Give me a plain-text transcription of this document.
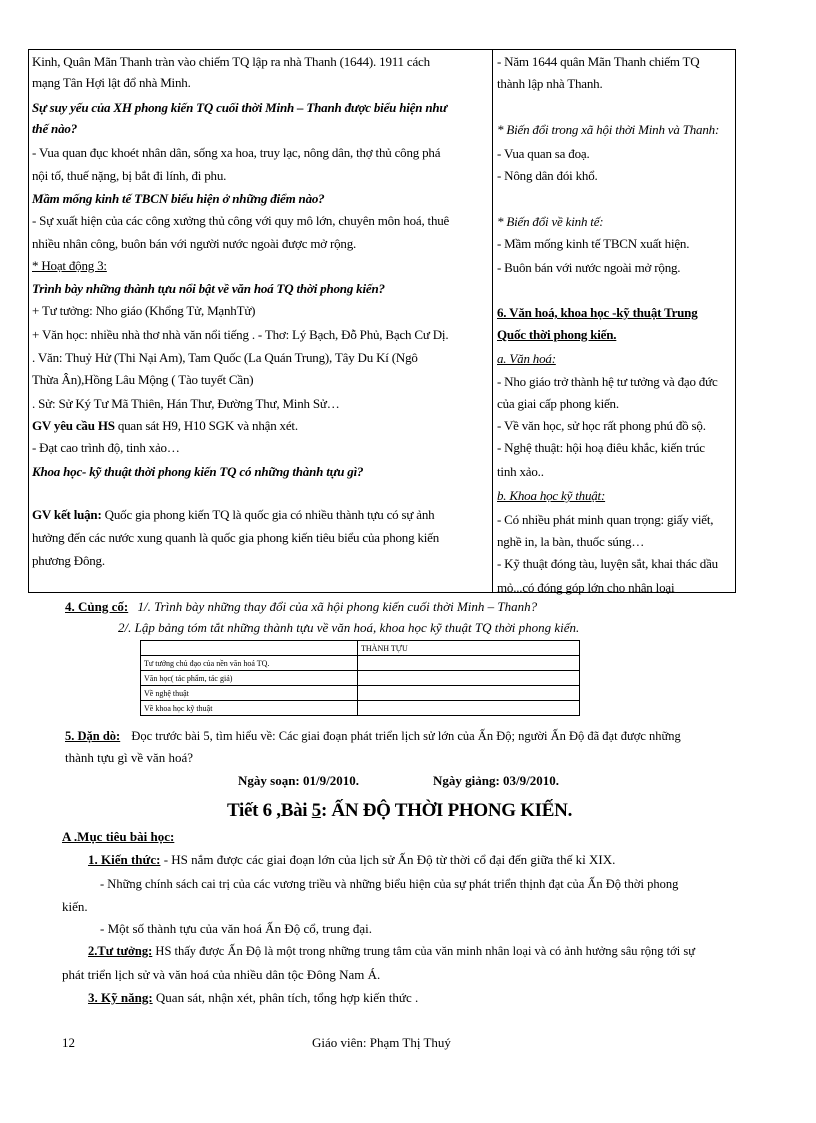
Kinh, Quân Mãn Thanh tràn vào chiếm TQ lập ra nhà Thanh (1644). 1911 cách
mạng Tân Hợi lật đổ nhà Minh.
Sự suy yếu của XH phong kiến TQ cuối thời Minh – Thanh được biểu hiện như
thế nào?
- Vua quan đục khoét nhân dân, sống xa hoa, truy lạc, nông dân, thợ thủ công phá
nội tố, thuế nặng, bị bắt đi lính, đi phu.
Mầm mống kinh tế TBCN biểu hiện ở những điểm nào?
- Sự xuất hiện của các công xưởng thủ công với quy mô lớn, chuyên môn hoá, thuê
nhiều nhân công, buôn bán với người nước ngoài được mở rộng.
* Hoạt động 3:
Trình bày những thành tựu nổi bật về văn hoá TQ thời phong kiến?
+ Tư tưởng: Nho giáo (Khổng Tử, MạnhTử)
+ Văn học: nhiều nhà thơ nhà văn nổi tiếng . - Thơ: Lý Bạch, Đỗ Phủ, Bạch Cư Dị.
. Văn: Thuỷ Hử (Thi Nại Am), Tam Quốc (La Quán Trung), Tây Du Kí (Ngô
Thừa Ân),Hồng Lâu Mộng ( Tào tuyết Cần)
. Sử: Sử Ký Tư Mã Thiên, Hán Thư, Đường Thư, Minh Sử…
GV yêu cầu HS quan sát H9, H10 SGK và nhận xét.
- Đạt cao trình độ, tinh xảo…
Khoa học- kỹ thuật thời phong kiến TQ có những thành tựu gì?
GV kết luận: Quốc gia phong kiến TQ là quốc gia có nhiều thành tựu có sự ảnh
hưởng đến các nước xung quanh là quốc gia phong kiến tiêu biểu của phong kiến
phương Đông.
- Năm 1644 quân Mãn Thanh chiếm TQ
thành lập nhà Thanh.
* Biến đổi trong xã hội thời Minh và Thanh:
- Vua quan sa đoạ.
- Nông dân đói khổ.
* Biến đổi về kinh tế:
- Mầm mống kinh tế TBCN xuất hiện.
- Buôn bán với nước ngoài mở rộng.
6. Văn hoá, khoa học -kỹ thuật Trung
Quốc thời phong kiến.
a. Văn hoá:
- Nho giáo trở thành hệ tư tưởng và đạo đức
của giai cấp phong kiến.
- Về văn học, sử học rất phong phú đồ sộ.
- Nghệ thuật: hội hoạ điêu khắc, kiến trúc
tinh xảo..
b. Khoa học kỹ thuật:
- Có nhiều phát minh quan trọng: giấy viết,
nghề in, la bàn, thuốc súng…
- Kỹ thuật đóng tàu, luyện sắt, khai thác dầu
mỏ...có đóng góp lớn cho nhân loại
4. Củng cố: 1/. Trình bày những thay đổi của xã hội phong kiến cuối thời Minh – Thanh?
2/. Lập bảng tóm tắt những thành tựu về văn hoá, khoa học kỹ thuật TQ thời phong kiến.
	THÀNH TỰU
Tư tưởng chủ đạo của nền văn hoá TQ.	
Văn học( tác phẩm, tác giả)	
Về nghệ thuật	
Về khoa học kỹ thuật	
5. Dặn dò: Đọc trước bài 5, tìm hiểu về: Các giai đoạn phát triển lịch sử lớn của Ấn Độ; người Ấn Độ đã đạt được những
thành tựu gì về văn hoá?
Ngày soạn: 01/9/2010.	Ngày giảng: 03/9/2010.
Tiết 6 ,Bài 5: ẤN ĐỘ THỜI PHONG KIẾN.
A .Mục tiêu bài học:
1. Kiến thức: - HS nắm được các giai đoạn lớn của lịch sử Ấn Độ từ thời cổ đại đến giữa thế kỉ XIX.
- Những chính sách cai trị của các vương triều và những biểu hiện của sự phát triển thịnh đạt của Ấn Độ thời phong
kiến.
- Một số thành tựu của văn hoá Ấn Độ cổ, trung đại.
2.Tư tưởng: HS thấy được Ấn Độ là một trong những trung tâm của văn minh nhân loại và có ảnh hưởng sâu rộng tới sự
phát triển lịch sử và văn hoá của nhiều dân tộc Đông Nam Á.
3. Kỹ năng: Quan sát, nhận xét, phân tích, tổng hợp kiến thức .
12	Giáo viên: Phạm Thị Thuý
